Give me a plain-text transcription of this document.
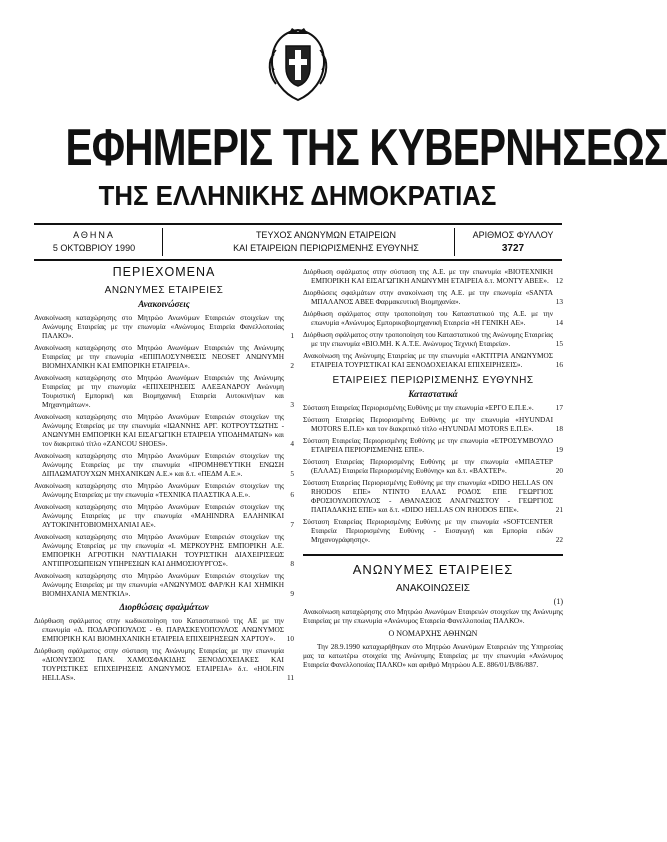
ΕΦΗΜΕΡΙΣ ΤΗΣ ΚΥΒΕΡΝΗΣΕΩΣ
ΤΗΣ ΕΛΛΗΝΙΚΗΣ ΔΗΜΟΚΡΑΤΙΑΣ
ΑΘΗΝΑ
5 ΟΚΤΩΒΡΙΟΥ 1990
ΤΕΥΧΟΣ ΑΝΩΝΥΜΩΝ ΕΤΑΙΡΕΙΩΝ
ΚΑΙ ΕΤΑΙΡΕΙΩΝ ΠΕΡΙΩΡΙΣΜΕΝΗΣ ΕΥΘΥΝΗΣ
ΑΡΙΘΜΟΣ ΦΥΛΛΟΥ
3727
ΠΕΡΙΕΧΟΜΕΝΑ
ΑΝΩΝΥΜΕΣ ΕΤΑΙΡΕΙΕΣ
Ανακοινώσεις
Ανακοίνωση καταχώρησης στο Μητρώο Ανωνύμων Εταιρειών στοιχείων της Ανώνυμης Εταιρείας με την επωνυμία «Ανώνυμος Εταιρεία Φανελλοποιίας ΠΑΛΚΟ».	1
Ανακοίνωση καταχώρησης στο Μητρώο Ανωνύμων Εταιρειών της Ανώνυμης Εταιρείας με την επωνυμία «ΕΠΙΠΛΟΣΥΝΘΕΣΙΣ NEOSET ΑΝΩΝΥΜΗ ΒΙΟΜΗΧΑΝΙΚΗ ΚΑΙ ΕΜΠΟΡΙΚΗ ΕΤΑΙΡΕΙΑ».	2
Ανακοίνωση καταχώρησης στο Μητρώο Ανωνύμων Εταιρειών της Ανώνυμης Εταιρείας με την επωνυμία «ΕΠΙΧΕΙΡΗΣΕΙΣ ΑΛΕΞΑΝΔΡΟΥ Ανώνυμη Τουριστική Εμπορική και Βιομηχανική Εταιρεία Αυτοκινήτων και Μηχανημάτων».	3
Ανακοίνωση καταχώρησης στο Μητρώο Ανωνύμων Εταιρειών στοιχείων της Ανώνυμης Εταιρείας με την επωνυμία «ΙΩΑΝΝΗΣ ΑΡΓ. ΚΟΤΡΟΥΤΣΩΤΗΣ - ΑΝΩΝΥΜΗ ΕΜΠΟΡΙΚΗ ΚΑΙ ΕΙΣΑΓΩΓΙΚΗ ΕΤΑΙΡΕΙΑ ΥΠΟΔΗΜΑΤΩΝ» και τον διακριτικό τίτλο «ZANCOU SHOES».	4
Ανακοίνωση καταχώρησης στο Μητρώο Ανωνύμων Εταιρειών στοιχείων της Ανώνυμης Εταιρείας με την επωνυμία «ΠΡΟΜΗΘΕΥΤΙΚΗ ΕΝΩΣΗ ΔΙΠΛΩΜΑΤΟΥΧΩΝ ΜΗΧΑΝΙΚΩΝ Α.Ε.» και δ.τ. «ΠΕΔΜ Α.Ε.».	5
Ανακοίνωση καταχώρησης στο Μητρώο Ανωνύμων Εταιρειών στοιχείων της Ανώνυμης Εταιρείας με την επωνυμία «ΤΕΧΝΙΚΑ ΠΛΑΣΤΙΚΑ Α.Ε.».	6
Ανακοίνωση καταχώρησης στο Μητρώο Ανωνύμων Εταιρειών στοιχείων της Ανώνυμης Εταιρείας με την επωνυμία «ΜΑΗΙΝDRA ΕΛΛΗΝΙΚΑΙ ΑΥΤΟΚΙΝΗΤΟΒΙΟΜΗΧΑΝΙΑΙ ΑΕ».	7
Ανακοίνωση καταχώρησης στο Μητρώο Ανωνύμων Εταιρειών στοιχείων της Ανώνυμης Εταιρείας με την επωνυμία «Ι. ΜΕΡΚΟΥΡΗΣ ΕΜΠΟΡΙΚΗ Α.Ε. ΕΜΠΟΡΙΚΗ ΑΓΡΟΤΙΚΗ ΝΑΥΤΙΛΙΑΚΗ ΤΟΥΡΙΣΤΙΚΗ ΔΙΑΧΕΙΡΙΣΕΩΣ ΑΝΤΙΠΡΟΣΩΠΕΙΩΝ ΥΠΗΡΕΣΙΩΝ ΚΑΙ ΔΗΜΟΣΙΟΥΡΓΟΣ».	8
Ανακοίνωση καταχώρησης στο Μητρώο Ανωνύμων Εταιρειών στοιχείων της Ανώνυμης Εταιρείας με την επωνυμία «ΑΝΩΝΥΜΟΣ ΦΑΡ/ΚΗ ΚΑΙ ΧΗΜΙΚΗ ΒΙΟΜΗΧΑΝΙΑ ΜΕΝΤΚΙΛ».	9
Διορθώσεις σφαλμάτων
Διόρθωση σφάλματος στην κωδικοποίηση του Καταστατικού της ΑΕ με την επωνυμία «Δ. ΠΟΔΑΡΟΠΟΥΛΟΣ - Θ. ΠΑΡΑΣΚΕΥΟΠΟΥΛΟΣ ΑΝΩΝΥΜΟΣ ΕΜΠΟΡΙΚΗ ΚΑΙ ΒΙΟΜΗΧΑΝΙΚΗ ΕΤΑΙΡΕΙΑ ΕΠΙΧΕΙΡΗΣΕΩΝ ΧΑΡΤΟΥ». 10
Διόρθωση σφάλματος στην σύσταση της Ανώνυμης Εταιρείας με την επωνυμία «ΔΙΟΝΥΣΙΟΣ ΠΑΝ. ΧΑΜΟΣΦΑΚΙΔΗΣ ΞΕΝΟΔΟΧΕΙΑΚΕΣ ΚΑΙ ΤΟΥΡΙΣΤΙΚΕΣ ΕΠΙΧΕΙΡΗΣΕΙΣ ΑΝΩΝΥΜΟΣ ΕΤΑΙΡΕΙΑ» δ.τ. «ΗΟLFIN ΗΕLLAS».	11
Διόρθωση σφάλματος στην σύσταση της Α.Ε. με την επωνυμία «ΒΙΟΤΕΧΝΙΚΗ ΕΜΠΟΡΙΚΗ ΚΑΙ ΕΙΣΑΓΩΓΙΚΗ ΑΝΩΝΥΜΗ ΕΤΑΙΡΕΙΑ δ.τ. ΜΟΝΤΥ ΑΒΕΕ». 12
Διορθώσεις σφαλμάτων στην ανακοίνωση της Α.Ε. με την επωνυμία «SANTA ΜΠΑΛΑΝΟΣ ΑΒΕΕ Φαρμακευτική Βιομηχανία».	13
Διόρθωση σφάλματος στην τροποποίηση του Καταστατικού της Α.Ε. με την επωνυμία «Ανώνυμος Εμπορικοβιομηχανική Εταιρεία «Η ΓΕΝΙΚΗ ΑΕ».	14
Διόρθωση σφάλματος στην τροποποίηση του Καταστατικού της Ανώνυμης Εταιρείας με την επωνυμία «ΒΙΟ.ΜΗ. Κ Α.Τ.Ε. Ανώνυμος Τεχνική Εταιρεία».	15
Ανακοίνωση της Ανώνυμης Εταιρείας με την επωνυμία «ΑΚΤΙΤΡΙΑ ΑΝΩΝΥΜΟΣ ΕΤΑΙΡΕΙΑ ΤΟΥΡΙΣΤΙΚΑΙ ΚΑΙ ΞΕΝΟΔΟΧΕΙΑΚΑΙ ΕΠΙΧΕΙΡΗΣΕΙΣ».	16
ΕΤΑΙΡΕΙΕΣ ΠΕΡΙΩΡΙΣΜΕΝΗΣ ΕΥΘΥΝΗΣ
Καταστατικά
Σύσταση Εταιρείας Περιορισμένης Ευθύνης με την επωνυμία «ΕΡΓΟ Ε.Π.Ε.».	17
Σύσταση Εταιρείας Περιορισμένης Ευθύνης με την επωνυμία «ΗΥUNDAI MOTORS Ε.Π.Ε» και τον διακριτικό τίτλο «ΗΥUNDAI MOTORS Ε.Π.Ε».	18
Σύσταση Εταιρείας Περιορισμένης Ευθύνης με την επωνυμία «ΕΤΡΟΣΥΜΒΟΥΛΟ ΕΤΑΙΡΕΙΑ ΠΕΡΙΟΡΙΣΜΕΝΗΣ ΕΠΕ».	19
Σύσταση Εταιρείας Περιορισμένης Ευθύνης με την επωνυμία «ΜΠΑΞΤΕΡ (ΕΛΛΑΣ) Εταιρεία Περιορισμένης Ευθύνης» και δ.τ. «ΒΑΧΤΕΡ».	20
Σύσταση Εταιρείας Περιορισμένης Ευθύνης με την επωνυμία «DIDO HELLAS ON RHODOS ΕΠΕ» ΝΤΙΝΤΟ ΕΛΛΑΣ ΡΟΔΟΣ ΕΠΕ ΓΕΩΡΓΙΟΣ ΦΡΟΣΙΟΥΛΟΠΟΥΛΟΣ - ΑΘΑΝΑΣΙΟΣ ΑΝΑΓΝΩΣΤΟΥ - ΓΕΩΡΓΙΟΣ ΠΑΠΑΔΑΚΗΣ ΕΠΕ» και δ.τ. «DIDO HELLAS ON RHODOS ΕΠΕ».	21
Σύσταση Εταιρείας Περιορισμένης Ευθύνης με την επωνυμία «SOFTCENTER Εταιρεία Περιορισμένης Ευθύνης - Εισαγωγή και Εμπορία ειδών Μηχανογράφησης».	22
ΑΝΩΝΥΜΕΣ ΕΤΑΙΡΕΙΕΣ
ΑΝΑΚΟΙΝΩΣΕΙΣ
(1)
Ανακοίνωση καταχώρησης στο Μητρώο Ανωνύμων Εταιρειών στοιχείων της Ανώνυμης Εταιρείας με την επωνυμία «Ανώνυμος Εταιρεία Φανελλοποιίας ΠΑΛΚΟ».
Ο ΝΟΜΑΡΧΗΣ ΑΘΗΝΩΝ
Την 28.9.1990 καταχωρήθηκαν στο Μητρώο Ανωνύμων Εταιρειών της Υπηρεσίας μας τα κατωτέρω στοιχεία της Ανώνυμης Εταιρείας με την επωνυμία «Ανώνυμος Εταιρεία Φανελλοποιίας ΠΑΛΚΟ» και αριθμό Μητρώου Α.Ε. 886/01/Β/86/887.
